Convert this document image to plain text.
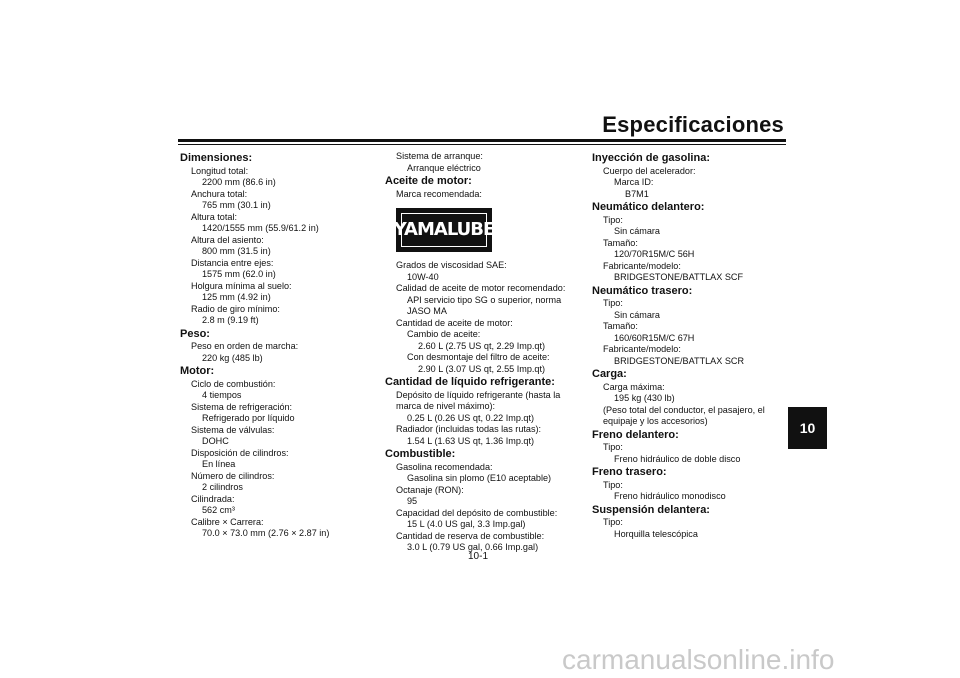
Especificaciones
10
Dimensiones:
Longitud total:
2200 mm (86.6 in)
Anchura total:
765 mm (30.1 in)
Altura total:
1420/1555 mm (55.9/61.2 in)
Altura del asiento:
800 mm (31.5 in)
Distancia entre ejes:
1575 mm (62.0 in)
Holgura mínima al suelo:
125 mm (4.92 in)
Radio de giro mínimo:
2.8 m (9.19 ft)
Peso:
Peso en orden de marcha:
220 kg (485 lb)
Motor:
Ciclo de combustión:
4 tiempos
Sistema de refrigeración:
Refrigerado por líquido
Sistema de válvulas:
DOHC
Disposición de cilindros:
En línea
Número de cilindros:
2 cilindros
Cilindrada:
562 cm³
Calibre × Carrera:
70.0 × 73.0 mm (2.76 × 2.87 in)
Sistema de arranque:
Arranque eléctrico
Aceite de motor:
Marca recomendada:
YAMALUBE
Grados de viscosidad SAE:
10W-40
Calidad de aceite de motor recomendado:
API servicio tipo SG o superior, norma
JASO MA
Cantidad de aceite de motor:
Cambio de aceite:
2.60 L (2.75 US qt, 2.29 Imp.qt)
Con desmontaje del filtro de aceite:
2.90 L (3.07 US qt, 2.55 Imp.qt)
Cantidad de líquido refrigerante:
Depósito de líquido refrigerante (hasta la
marca de nivel máximo):
0.25 L (0.26 US qt, 0.22 Imp.qt)
Radiador (incluidas todas las rutas):
1.54 L (1.63 US qt, 1.36 Imp.qt)
Combustible:
Gasolina recomendada:
Gasolina sin plomo (E10 aceptable)
Octanaje (RON):
95
Capacidad del depósito de combustible:
15 L (4.0 US gal, 3.3 Imp.gal)
Cantidad de reserva de combustible:
3.0 L (0.79 US gal, 0.66 Imp.gal)
Inyección de gasolina:
Cuerpo del acelerador:
Marca ID:
B7M1
Neumático delantero:
Tipo:
Sin cámara
Tamaño:
120/70R15M/C 56H
Fabricante/modelo:
BRIDGESTONE/BATTLAX SCF
Neumático trasero:
Tipo:
Sin cámara
Tamaño:
160/60R15M/C 67H
Fabricante/modelo:
BRIDGESTONE/BATTLAX SCR
Carga:
Carga máxima:
195 kg (430 lb)
(Peso total del conductor, el pasajero, el
equipaje y los accesorios)
Freno delantero:
Tipo:
Freno hidráulico de doble disco
Freno trasero:
Tipo:
Freno hidráulico monodisco
Suspensión delantera:
Tipo:
Horquilla telescópica
10-1
carmanualsonline.info
